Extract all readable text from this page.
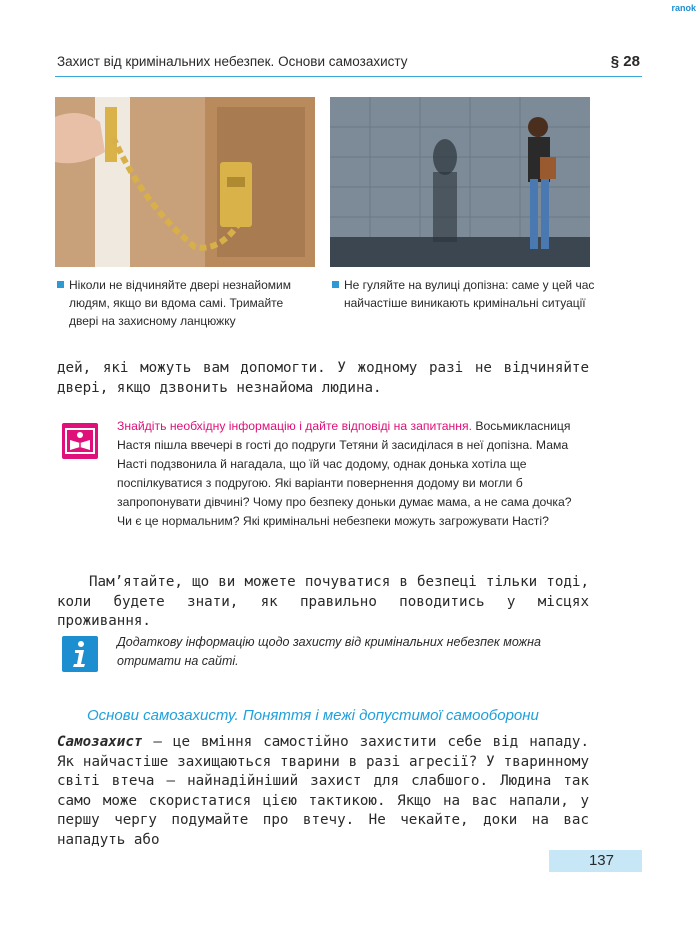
ranok
Захист від кримінальних небезпек. Основи самозахисту	§ 28
Ніколи не відчиняйте двері незнайомим людям, якщо ви вдома самі. Тримайте двері на захисному ланцюжку
Не гуляйте на вулиці допізна: саме у цей час найчастіше виникають кримінальні ситуації
дей, які можуть вам допомогти. У жодному разі не відчиняйте двері, якщо дзвонить незнайома людина.
Знайдіть необхідну інформацію і дайте відповіді на запитання. Восьмикласниця Настя пішла ввечері в гості до подруги Тетяни й засиділася в неї допізна. Мама Насті подзвонила й нагадала, що їй час додому, однак донька хотіла ще поспілкуватися з подругою. Які варіанти повернення додому ви могли б запропонувати дівчині? Чому про безпеку доньки думає мама, а не сама дочка? Чи є це нормальним? Які кримінальні небезпеки можуть загрожувати Насті?
Пам’ятайте, що ви можете почуватися в безпеці тільки тоді, коли будете знати, як правильно поводитись у місцях проживання.
Додаткову інформацію щодо захисту від кримінальних небезпек можна отримати на сайті.
Основи самозахисту. Поняття і межі допустимої самооборони
Самозахист — це вміння самостійно захистити себе від нападу. Як найчастіше захищаються тварини в разі агресії? У тваринному світі втеча — найнадійніший захист для слабшого. Людина так само може скористатися цією тактикою. Якщо на вас напали, у першу чергу подумайте про втечу. Не чекайте, доки на вас нападуть або
137
